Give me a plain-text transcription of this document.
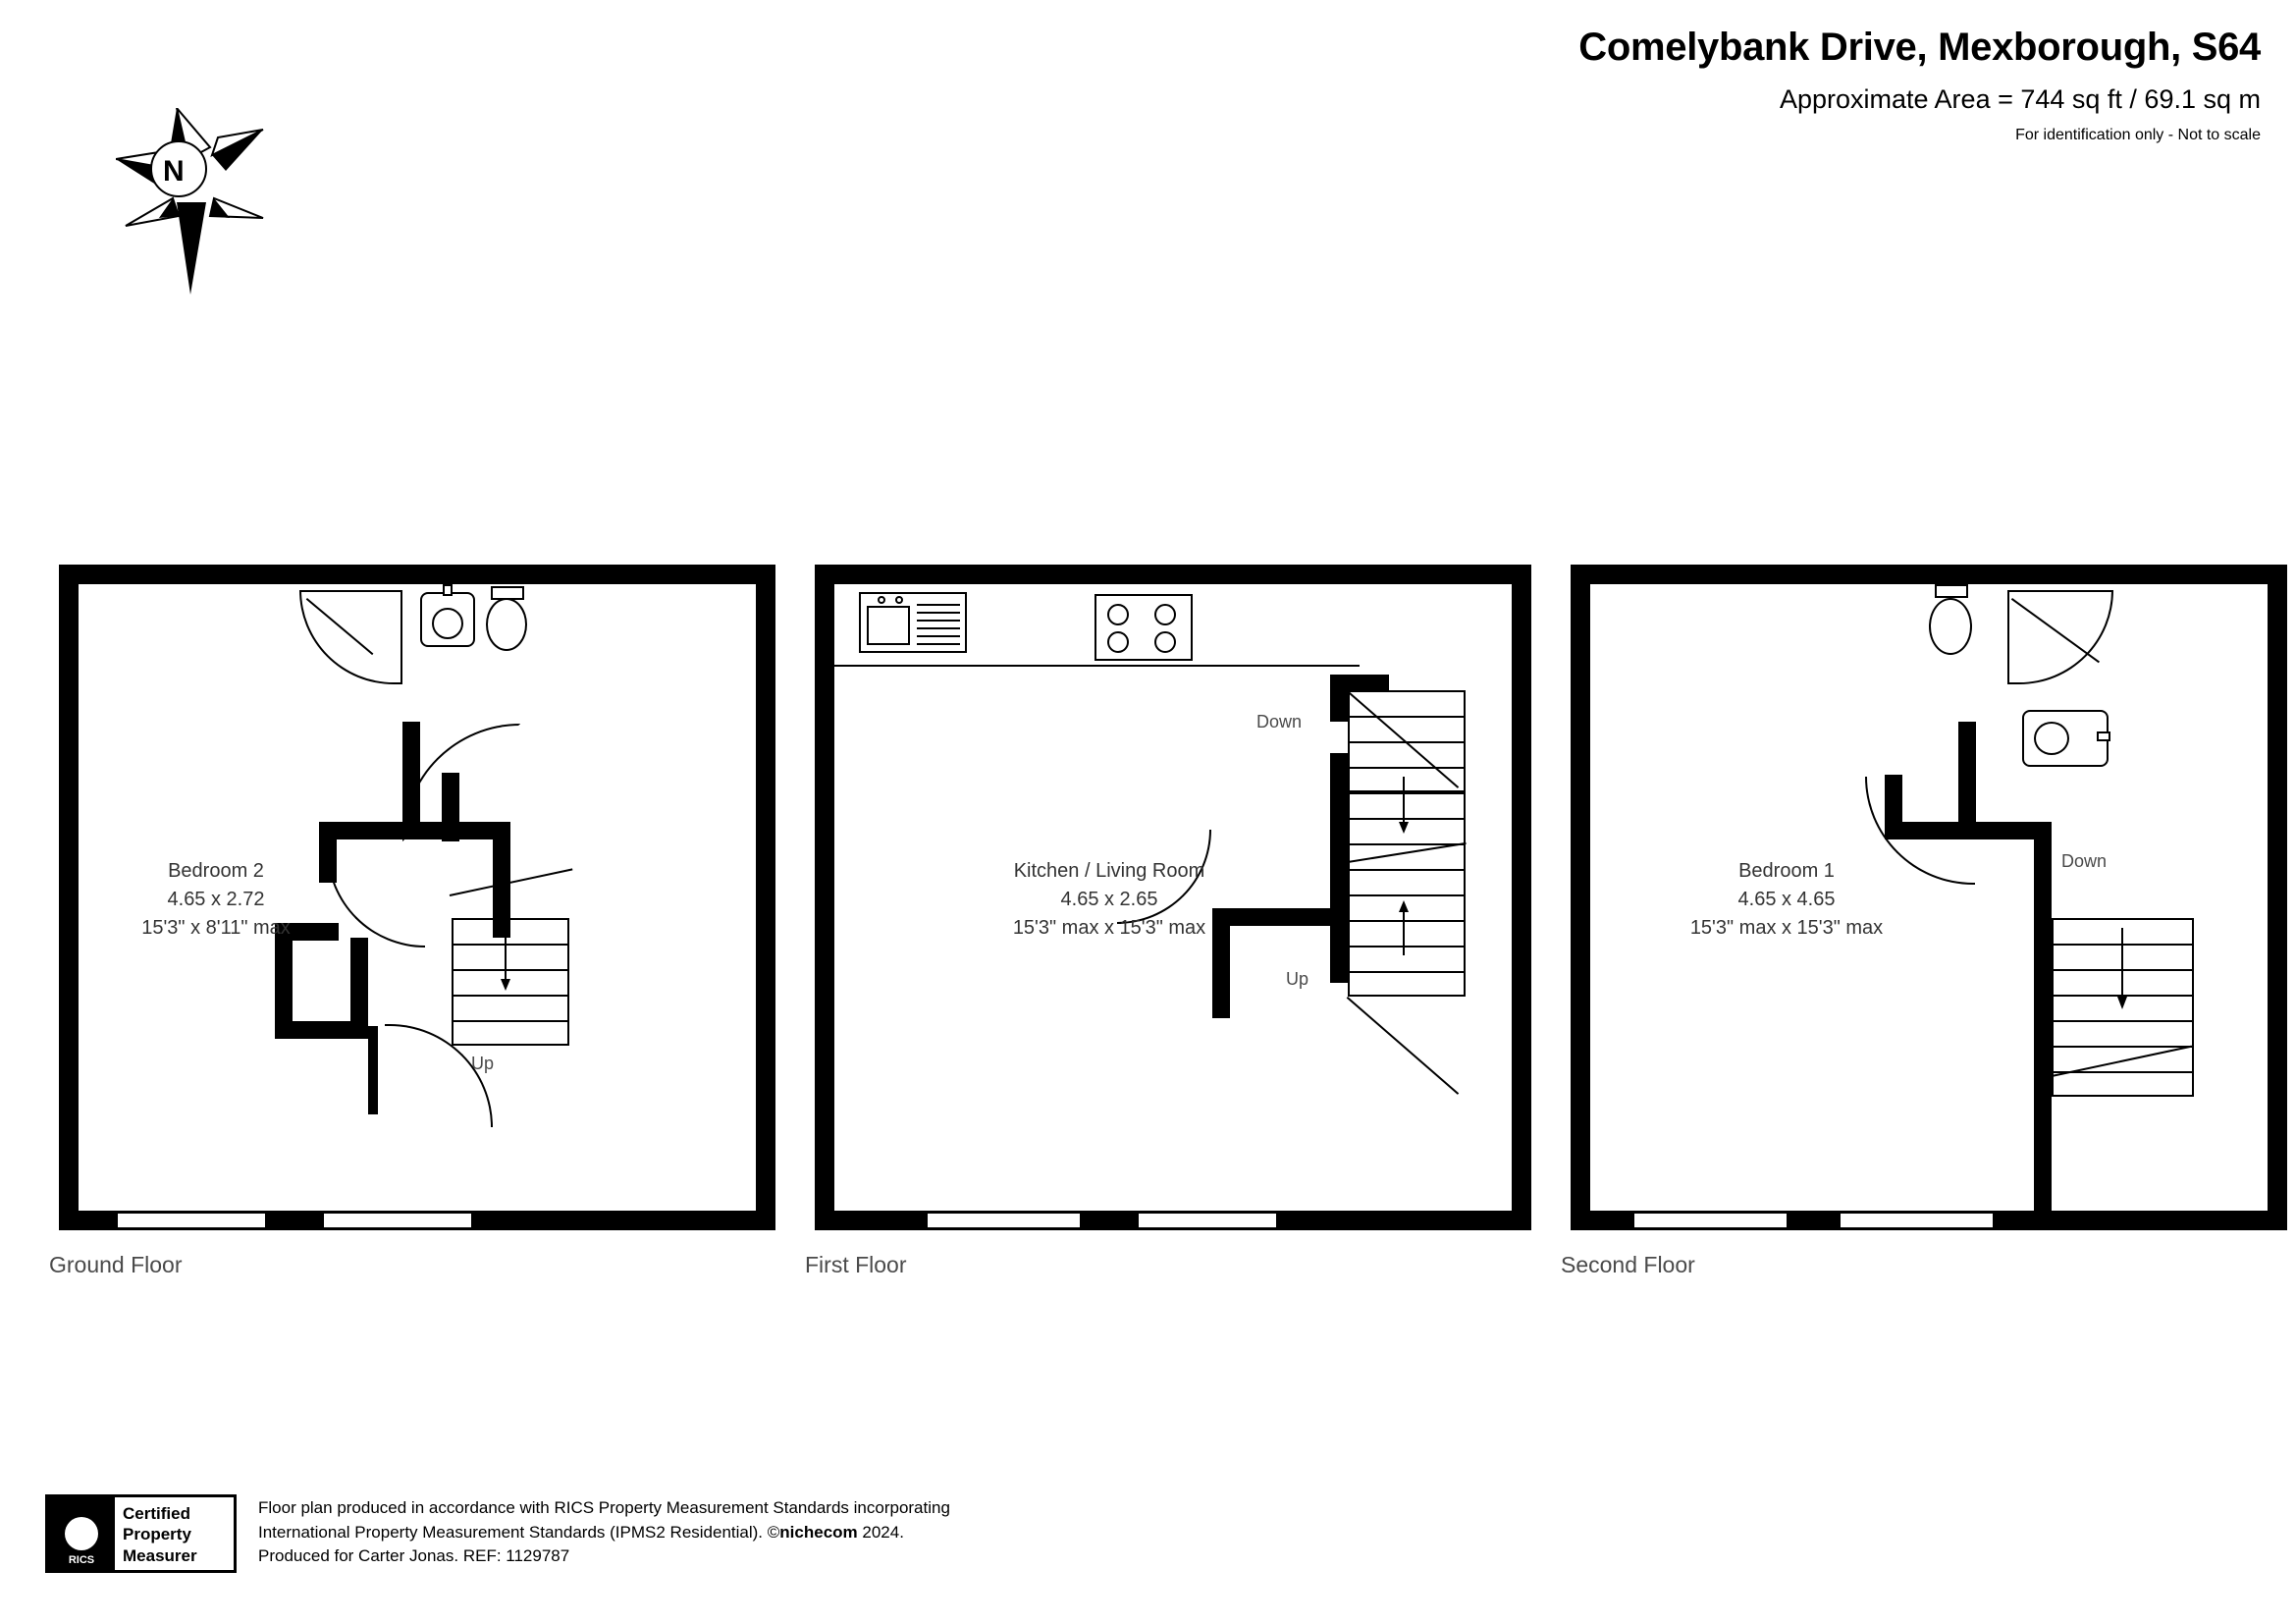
Comelybank Drive, Mexborough, S64
Approximate Area = 744 sq ft / 69.1 sq m
For identification only - Not to scale
N
Up
Bedroom 2
4.65 x 2.72
15'3" x 8'11" max
Ground Floor
Down
Up
Kitchen / Living Room
4.65 x 2.65
15'3" max x 15'3" max
First Floor
Down
Bedroom 1
4.65 x 4.65
15'3" max x 15'3" max
Second Floor
RICS
Certified
Property
Measurer
Floor plan produced in accordance with RICS Property Measurement Standards incorporating
International Property Measurement Standards (IPMS2 Residential). ©nichecom 2024.
Produced for Carter Jonas. REF: 1129787
